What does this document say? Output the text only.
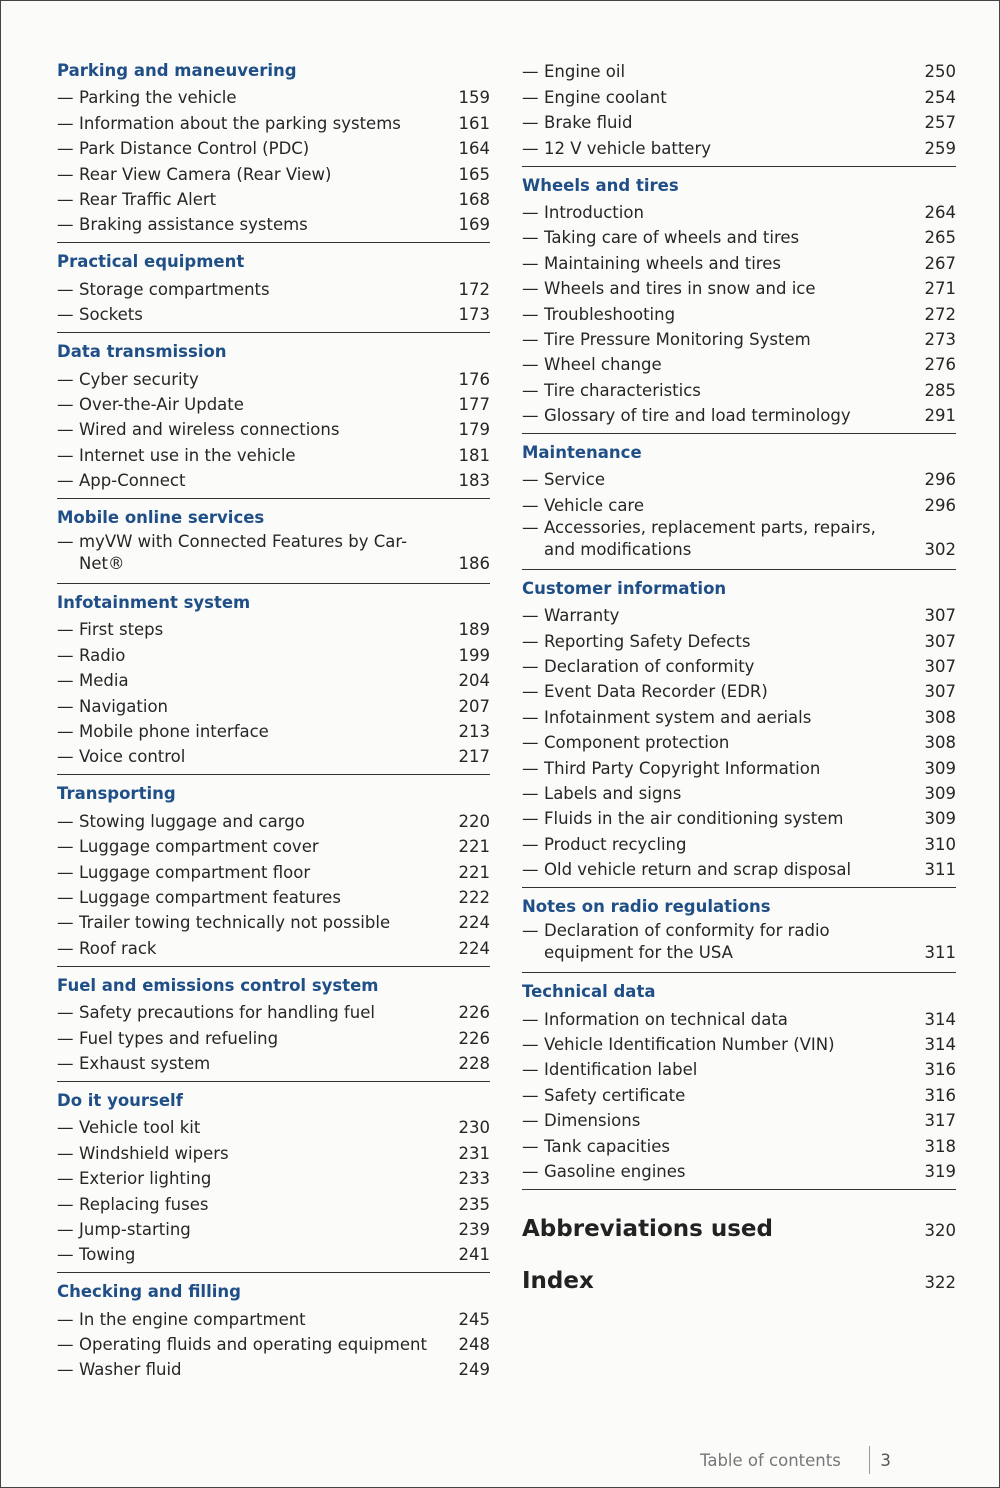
Parking and maneuvering
— Parking the vehicle	159
— Information about the parking systems	161
— Park Distance Control (PDC)	164
— Rear View Camera (Rear View)	165
— Rear Traffic Alert	168
— Braking assistance systems	169
Practical equipment
— Storage compartments	172
— Sockets	173
Data transmission
— Cyber security	176
— Over-the-Air Update	177
— Wired and wireless connections	179
— Internet use in the vehicle	181
— App-Connect	183
Mobile online services
— myVW with Connected Features by Car-Net®	186
Infotainment system
— First steps	189
— Radio	199
— Media	204
— Navigation	207
— Mobile phone interface	213
— Voice control	217
Transporting
— Stowing luggage and cargo	220
— Luggage compartment cover	221
— Luggage compartment floor	221
— Luggage compartment features	222
— Trailer towing technically not possible	224
— Roof rack	224
Fuel and emissions control system
— Safety precautions for handling fuel	226
— Fuel types and refueling	226
— Exhaust system	228
Do it yourself
— Vehicle tool kit	230
— Windshield wipers	231
— Exterior lighting	233
— Replacing fuses	235
— Jump-starting	239
— Towing	241
Checking and filling
— In the engine compartment	245
— Operating fluids and operating equipment	248
— Washer fluid	249
— Engine oil	250
— Engine coolant	254
— Brake fluid	257
— 12 V vehicle battery	259
Wheels and tires
— Introduction	264
— Taking care of wheels and tires	265
— Maintaining wheels and tires	267
— Wheels and tires in snow and ice	271
— Troubleshooting	272
— Tire Pressure Monitoring System	273
— Wheel change	276
— Tire characteristics	285
— Glossary of tire and load terminology	291
Maintenance
— Service	296
— Vehicle care	296
— Accessories, replacement parts, repairs, and modifications	302
Customer information
— Warranty	307
— Reporting Safety Defects	307
— Declaration of conformity	307
— Event Data Recorder (EDR)	307
— Infotainment system and aerials	308
— Component protection	308
— Third Party Copyright Information	309
— Labels and signs	309
— Fluids in the air conditioning system	309
— Product recycling	310
— Old vehicle return and scrap disposal	311
Notes on radio regulations
— Declaration of conformity for radio equipment for the USA	311
Technical data
— Information on technical data	314
— Vehicle Identification Number (VIN)	314
— Identification label	316
— Safety certificate	316
— Dimensions	317
— Tank capacities	318
— Gasoline engines	319
Abbreviations used	320
Index	322
Table of contents 3
